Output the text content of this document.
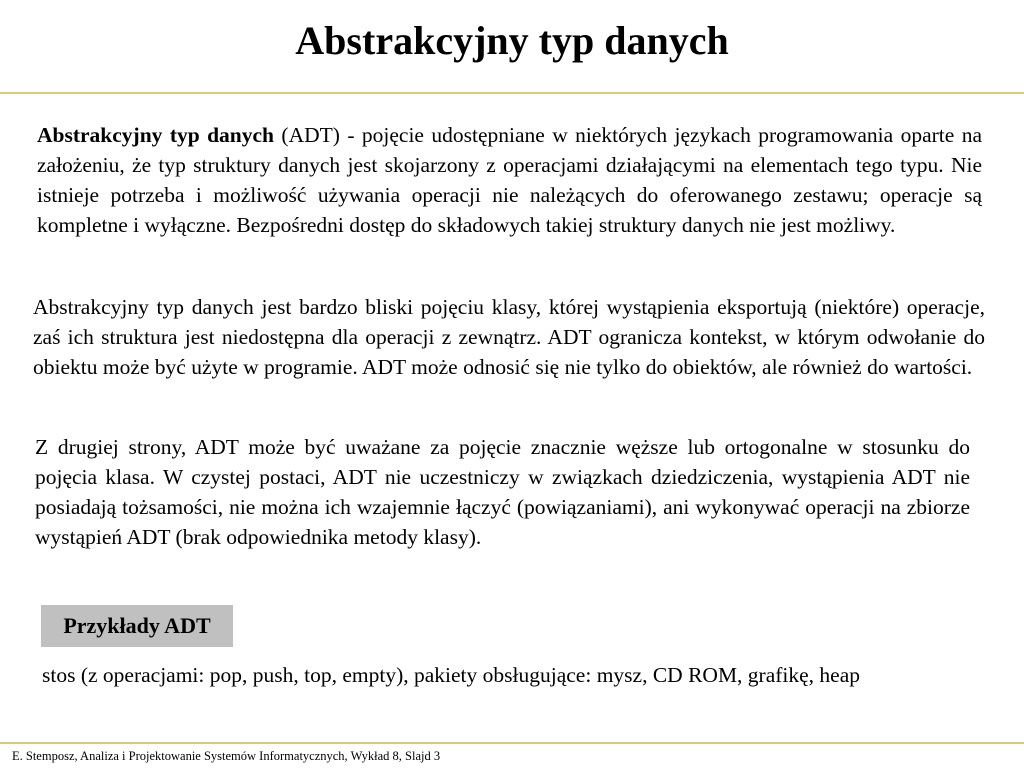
Abstrakcyjny typ danych

Abstrakcyjny typ danych (ADT) - pojęcie udostępniane w niektórych językach programowania oparte na założeniu, że typ struktury danych jest skojarzony z operacjami działającymi na elementach tego typu. Nie istnieje potrzeba i możliwość używania operacji nie należących do oferowanego zestawu; operacje są kompletne i wyłączne. Bezpośredni dostęp do składowych takiej struktury danych nie jest możliwy.

Abstrakcyjny typ danych jest bardzo bliski pojęciu klasy, której wystąpienia eksportują (niektóre) operacje, zaś ich struktura jest niedostępna dla operacji z zewnątrz. ADT ogranicza kontekst, w którym odwołanie do obiektu może być użyte w programie. ADT może odnosić się nie tylko do obiektów, ale również do wartości.

Z drugiej strony, ADT może być uważane za pojęcie znacznie węższe lub ortogonalne w stosunku do pojęcia klasa. W czystej postaci, ADT nie uczestniczy w związkach dziedziczenia, wystąpienia ADT nie posiadają tożsamości, nie można ich wzajemnie łączyć (powiązaniami), ani wykonywać operacji na zbiorze wystąpień ADT (brak odpowiednika metody klasy).

Przykłady ADT

stos (z operacjami: pop, push, top, empty), pakiety obsługujące: mysz, CD ROM, grafikę, heap

E. Stemposz, Analiza i Projektowanie Systemów Informatycznych, Wykład 8, Slajd 3
